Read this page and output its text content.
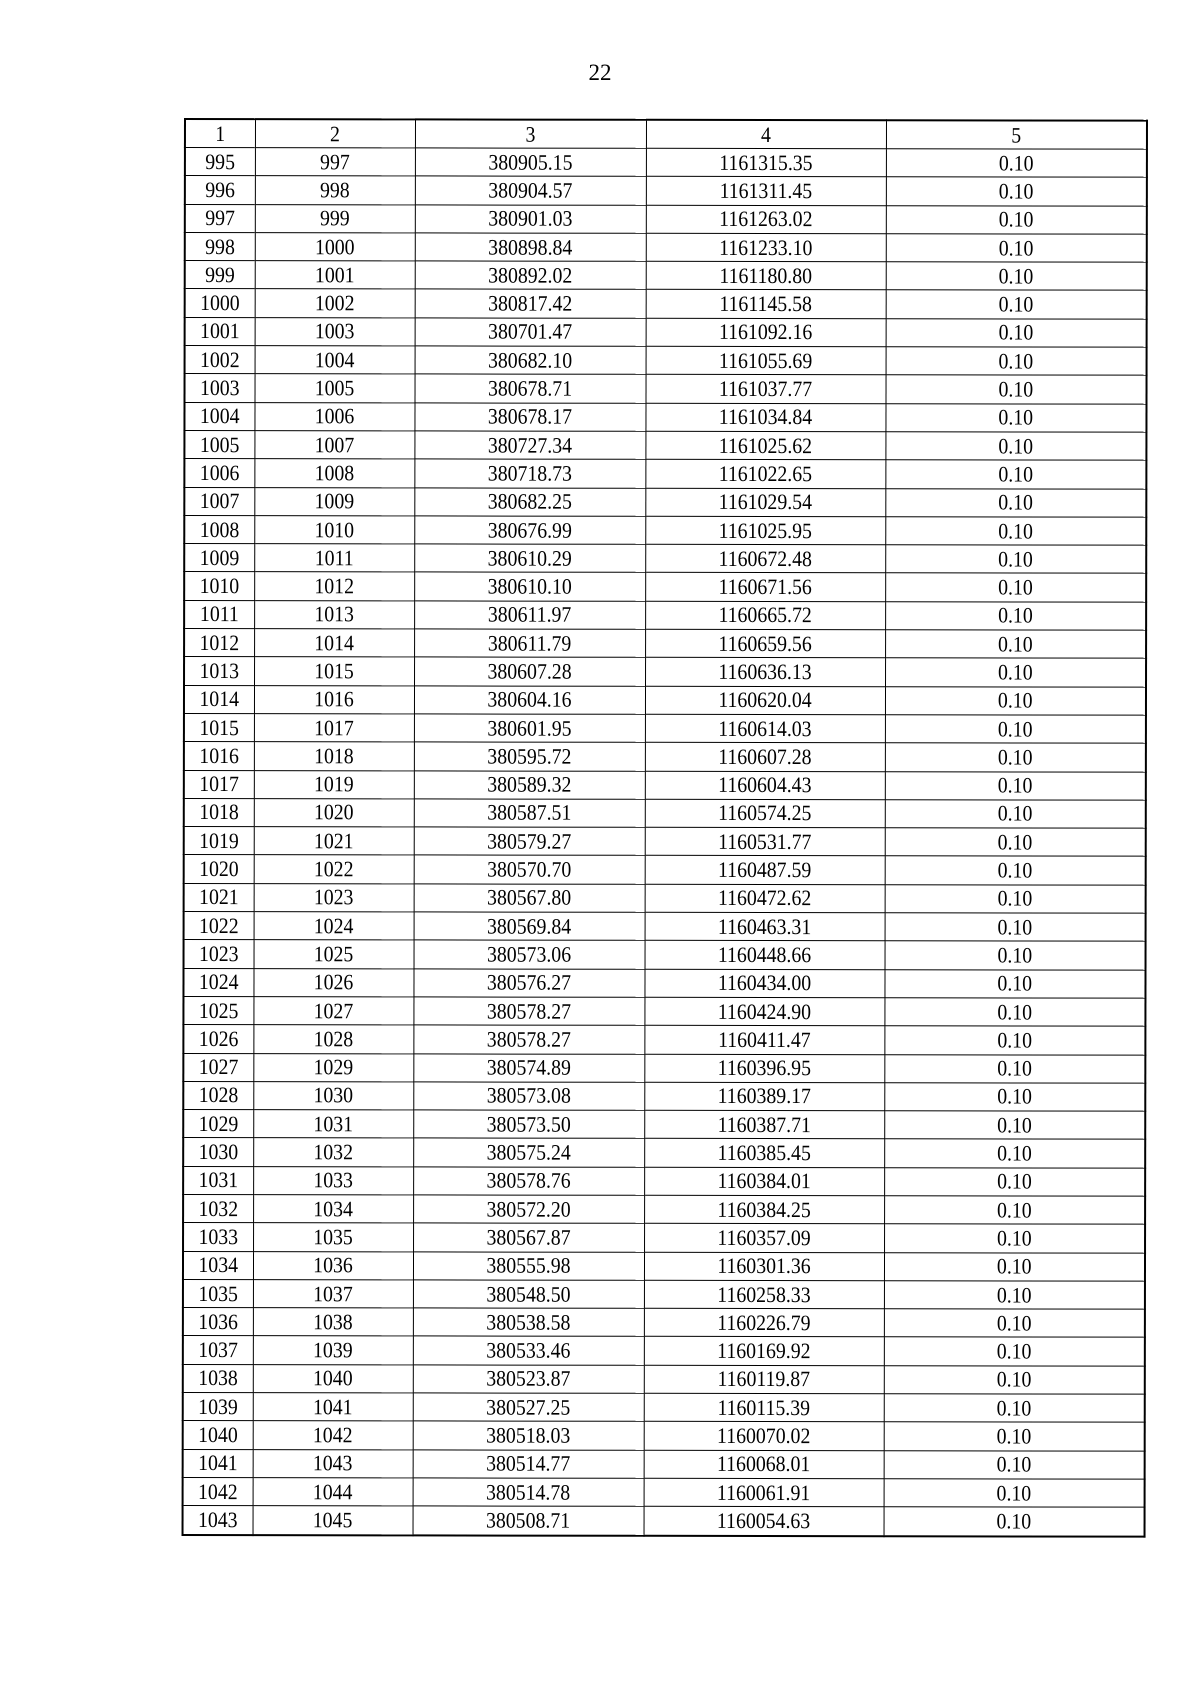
22
1	2	3	4	5
995	997	380905.15	1161315.35	0.10
996	998	380904.57	1161311.45	0.10
997	999	380901.03	1161263.02	0.10
998	1000	380898.84	1161233.10	0.10
999	1001	380892.02	1161180.80	0.10
1000	1002	380817.42	1161145.58	0.10
1001	1003	380701.47	1161092.16	0.10
1002	1004	380682.10	1161055.69	0.10
1003	1005	380678.71	1161037.77	0.10
1004	1006	380678.17	1161034.84	0.10
1005	1007	380727.34	1161025.62	0.10
1006	1008	380718.73	1161022.65	0.10
1007	1009	380682.25	1161029.54	0.10
1008	1010	380676.99	1161025.95	0.10
1009	1011	380610.29	1160672.48	0.10
1010	1012	380610.10	1160671.56	0.10
1011	1013	380611.97	1160665.72	0.10
1012	1014	380611.79	1160659.56	0.10
1013	1015	380607.28	1160636.13	0.10
1014	1016	380604.16	1160620.04	0.10
1015	1017	380601.95	1160614.03	0.10
1016	1018	380595.72	1160607.28	0.10
1017	1019	380589.32	1160604.43	0.10
1018	1020	380587.51	1160574.25	0.10
1019	1021	380579.27	1160531.77	0.10
1020	1022	380570.70	1160487.59	0.10
1021	1023	380567.80	1160472.62	0.10
1022	1024	380569.84	1160463.31	0.10
1023	1025	380573.06	1160448.66	0.10
1024	1026	380576.27	1160434.00	0.10
1025	1027	380578.27	1160424.90	0.10
1026	1028	380578.27	1160411.47	0.10
1027	1029	380574.89	1160396.95	0.10
1028	1030	380573.08	1160389.17	0.10
1029	1031	380573.50	1160387.71	0.10
1030	1032	380575.24	1160385.45	0.10
1031	1033	380578.76	1160384.01	0.10
1032	1034	380572.20	1160384.25	0.10
1033	1035	380567.87	1160357.09	0.10
1034	1036	380555.98	1160301.36	0.10
1035	1037	380548.50	1160258.33	0.10
1036	1038	380538.58	1160226.79	0.10
1037	1039	380533.46	1160169.92	0.10
1038	1040	380523.87	1160119.87	0.10
1039	1041	380527.25	1160115.39	0.10
1040	1042	380518.03	1160070.02	0.10
1041	1043	380514.77	1160068.01	0.10
1042	1044	380514.78	1160061.91	0.10
1043	1045	380508.71	1160054.63	0.10
